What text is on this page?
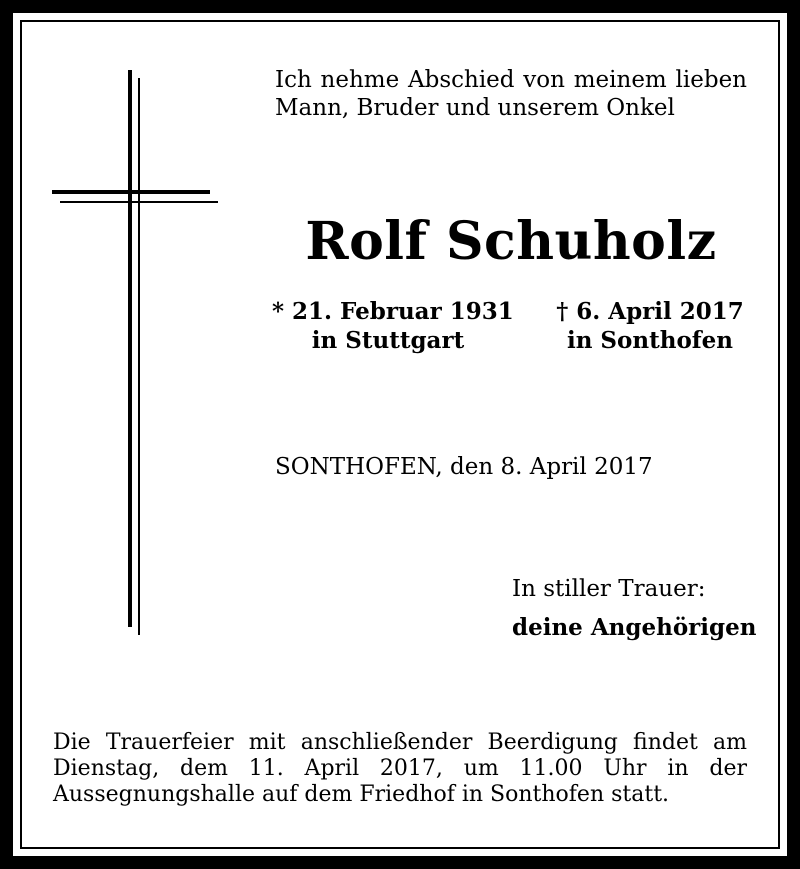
Ich nehme Abschied von meinem lieben Mann, Bruder und unserem Onkel
Rolf Schuholz
* 21. Februar 1931
in Stuttgart
† 6. April 2017
in Sonthofen
SONTHOFEN, den 8. April 2017
In stiller Trauer:
deine Angehörigen
Die Trauerfeier mit anschließender Beerdigung findet am Dienstag, dem 11. April 2017, um 11.00 Uhr in der Aussegnungshalle auf dem Friedhof in Sonthofen statt.
